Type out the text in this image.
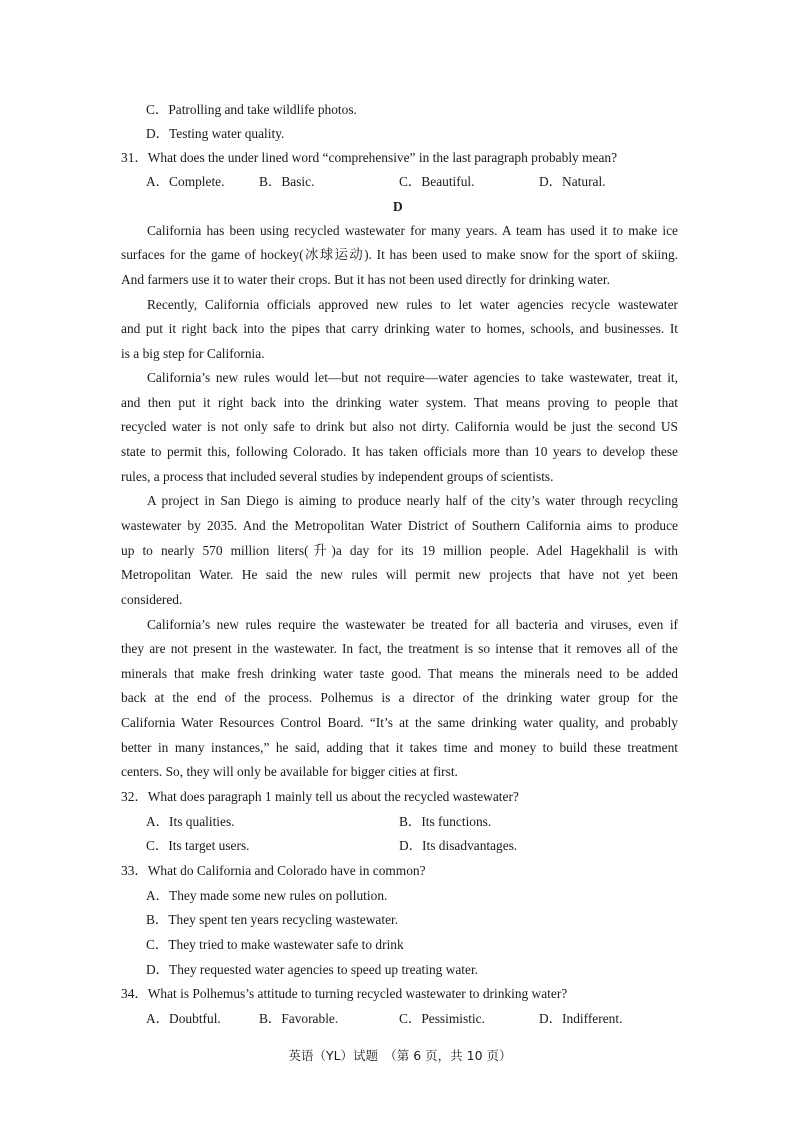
C．Patrolling and take wildlife photos.
D．Testing water quality.
31．What does the under lined word “comprehensive” in the last paragraph probably mean?
A．Complete.	B．Basic.	C．Beautiful.	D．Natural.
D
California has been using recycled wastewater for many years. A team has used it to make ice
surfaces for the game of hockey(冰球运动). It has been used to make snow for the sport of skiing.
And farmers use it to water their crops. But it has not been used directly for drinking water.
Recently, California officials approved new rules to let water agencies recycle wastewater
and put it right back into the pipes that carry drinking water to homes, schools, and businesses. It
is a big step for California.
California’s new rules would let—but not require—water agencies to take wastewater, treat it,
and then put it right back into the drinking water system. That means proving to people that
recycled water is not only safe to drink but also not dirty. California would be just the second US
state to permit this, following Colorado. It has taken officials more than 10 years to develop these
rules, a process that included several studies by independent groups of scientists.
A project in San Diego is aiming to produce nearly half of the city’s water through recycling
wastewater by 2035. And the Metropolitan Water District of Southern California aims to produce
up to nearly 570 million liters(升)a day for its 19 million people. Adel Hagekhalil is with
Metropolitan Water. He said the new rules will permit new projects that have not yet been
considered.
California’s new rules require the wastewater be treated for all bacteria and viruses, even if
they are not present in the wastewater. In fact, the treatment is so intense that it removes all of the
minerals that make fresh drinking water taste good. That means the minerals need to be added
back at the end of the process. Polhemus is a director of the drinking water group for the
California Water Resources Control Board. “It’s at the same drinking water quality, and probably
better in many instances,” he said, adding that it takes time and money to build these treatment
centers. So, they will only be available for bigger cities at first.
32．What does paragraph 1 mainly tell us about the recycled wastewater?
A．Its qualities.	B．Its functions.
C．Its target users.	D．Its disadvantages.
33．What do California and Colorado have in common?
A．They made some new rules on pollution.
B．They spent ten years recycling wastewater.
C．They tried to make wastewater safe to drink
D．They requested water agencies to speed up treating water.
34．What is Polhemus’s attitude to turning recycled wastewater to drinking water?
A．Doubtful.	B．Favorable.	C．Pessimistic.	D．Indifferent.
英语（YL）试题　（第 6 页，共 10 页）
